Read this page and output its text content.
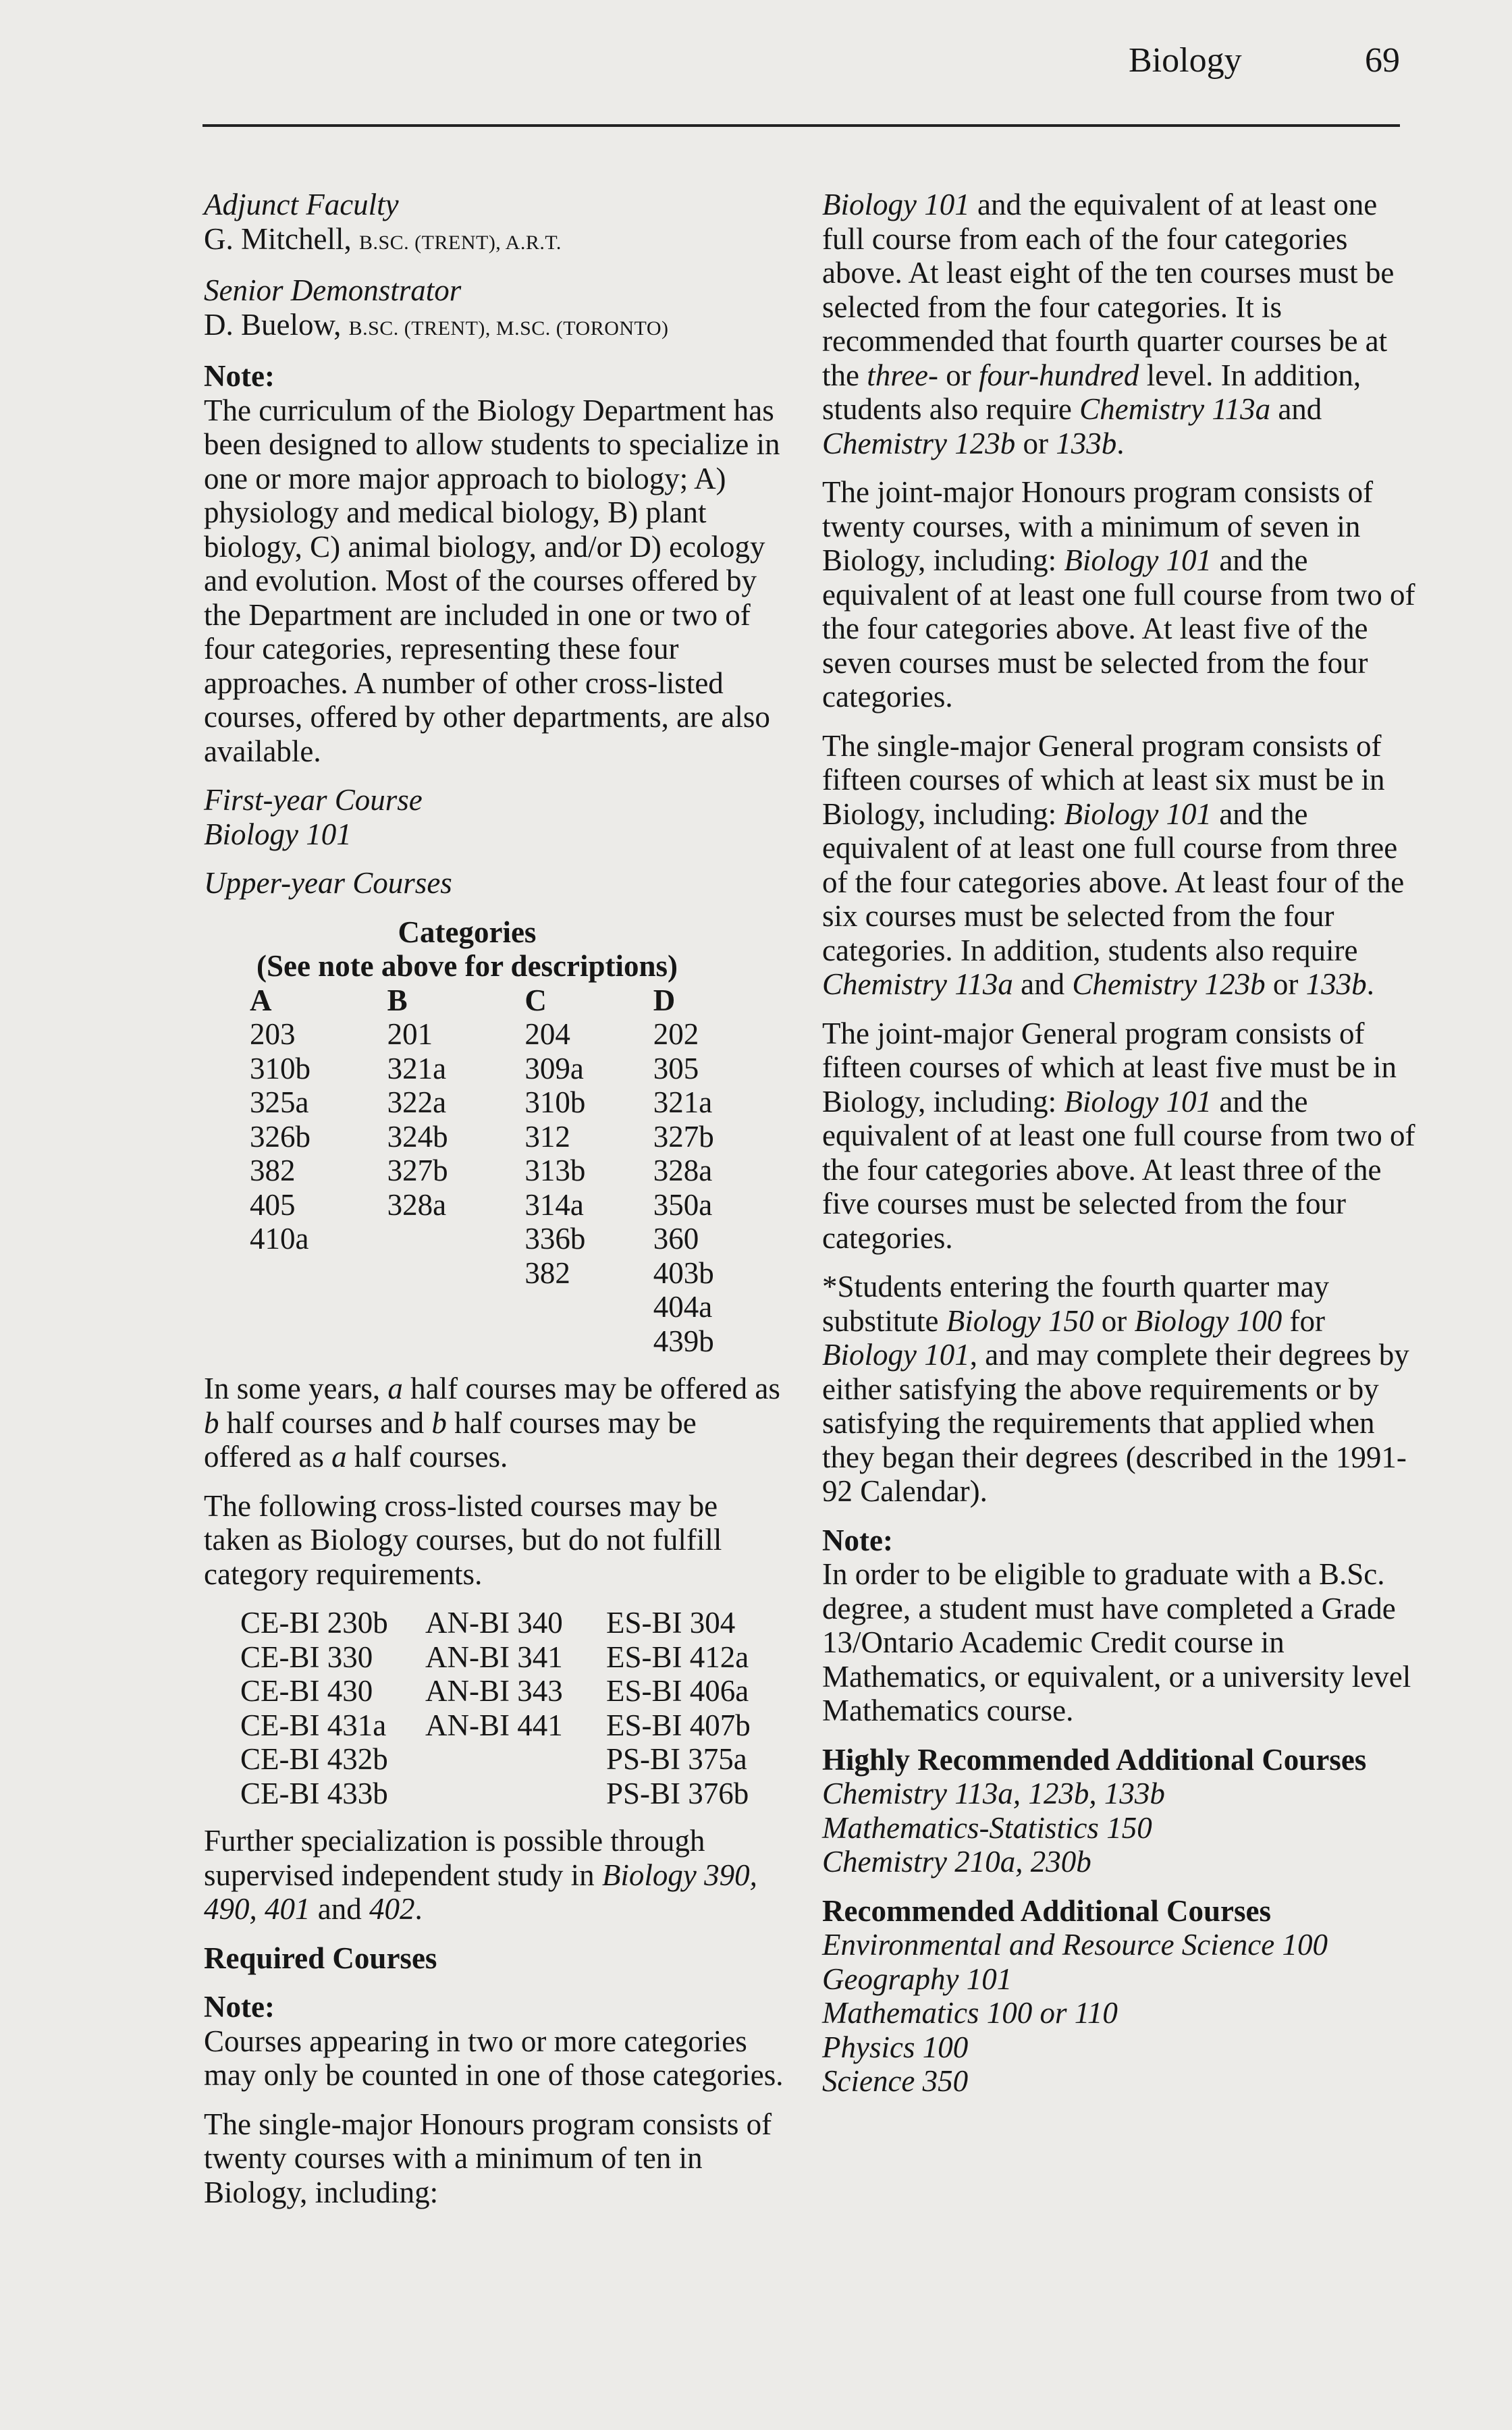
Biology	69
Adjunct Faculty
G. Mitchell, B.SC. (TRENT), A.R.T.
Senior Demonstrator
D. Buelow, B.SC. (TRENT), M.SC. (TORONTO)
Note:

The curriculum of the Biology Department has been designed to allow students to specialize in one or more major approach to biology; A) physiology and medical biology, B) plant biology, C) animal biology, and/or D) ecology and evolution. Most of the courses offered by the Department are included in one or two of four categories, representing these four approaches. A number of other cross-listed courses, offered by other departments, are also available.

First-year Course

Biology 101

Upper-year Courses

Categories
(See note above for descriptions)
A	B	C	D
203	201	204	202
310b	321a	309a	305
325a	322a	310b	321a
326b	324b	312	327b
382	327b	313b	328a
405	328a	314a	350a
410a		336b	360
		382	403b
			404a
			439b

In some years, a half courses may be offered as b half courses and b half courses may be offered as a half courses.

The following cross-listed courses may be taken as Biology courses, but do not fulfill category requirements.

CE-BI 230b	AN-BI 340	ES-BI 304
CE-BI 330	AN-BI 341	ES-BI 412a
CE-BI 430	AN-BI 343	ES-BI 406a
CE-BI 431a	AN-BI 441	ES-BI 407b
CE-BI 432b		PS-BI 375a
CE-BI 433b		PS-BI 376b

Further specialization is possible through supervised independent study in Biology 390, 490, 401 and 402.

Required Courses

Note:

Courses appearing in two or more categories may only be counted in one of those categories.

The single-major Honours program consists of twenty courses with a minimum of ten in Biology, including:

Biology 101 and the equivalent of at least one full course from each of the four categories above. At least eight of the ten courses must be selected from the four categories. It is recommended that fourth quarter courses be at the three- or four-hundred level. In addition, students also require Chemistry 113a and Chemistry 123b or 133b.

The joint-major Honours program consists of twenty courses, with a minimum of seven in Biology, including: Biology 101 and the equivalent of at least one full course from two of the four categories above. At least five of the seven courses must be selected from the four categories.

The single-major General program consists of fifteen courses of which at least six must be in Biology, including: Biology 101 and the equivalent of at least one full course from three of the four categories above. At least four of the six courses must be selected from the four categories. In addition, students also require Chemistry 113a and Chemistry 123b or 133b.

The joint-major General program consists of fifteen courses of which at least five must be in Biology, including: Biology 101 and the equivalent of at least one full course from two of the four categories above. At least three of the five courses must be selected from the four categories.

*Students entering the fourth quarter may substitute Biology 150 or Biology 100 for Biology 101, and may complete their degrees by either satisfying the above requirements or by satisfying the requirements that applied when they began their degrees (described in the 1991-92 Calendar).

Note:

In order to be eligible to graduate with a B.Sc. degree, a student must have completed a Grade 13/Ontario Academic Credit course in Mathematics, or equivalent, or a university level Mathematics course.

Highly Recommended Additional Courses
Chemistry 113a, 123b, 133b
Mathematics-Statistics 150
Chemistry 210a, 230b
Recommended Additional Courses
Environmental and Resource Science 100
Geography 101
Mathematics 100 or 110
Physics 100
Science 350
